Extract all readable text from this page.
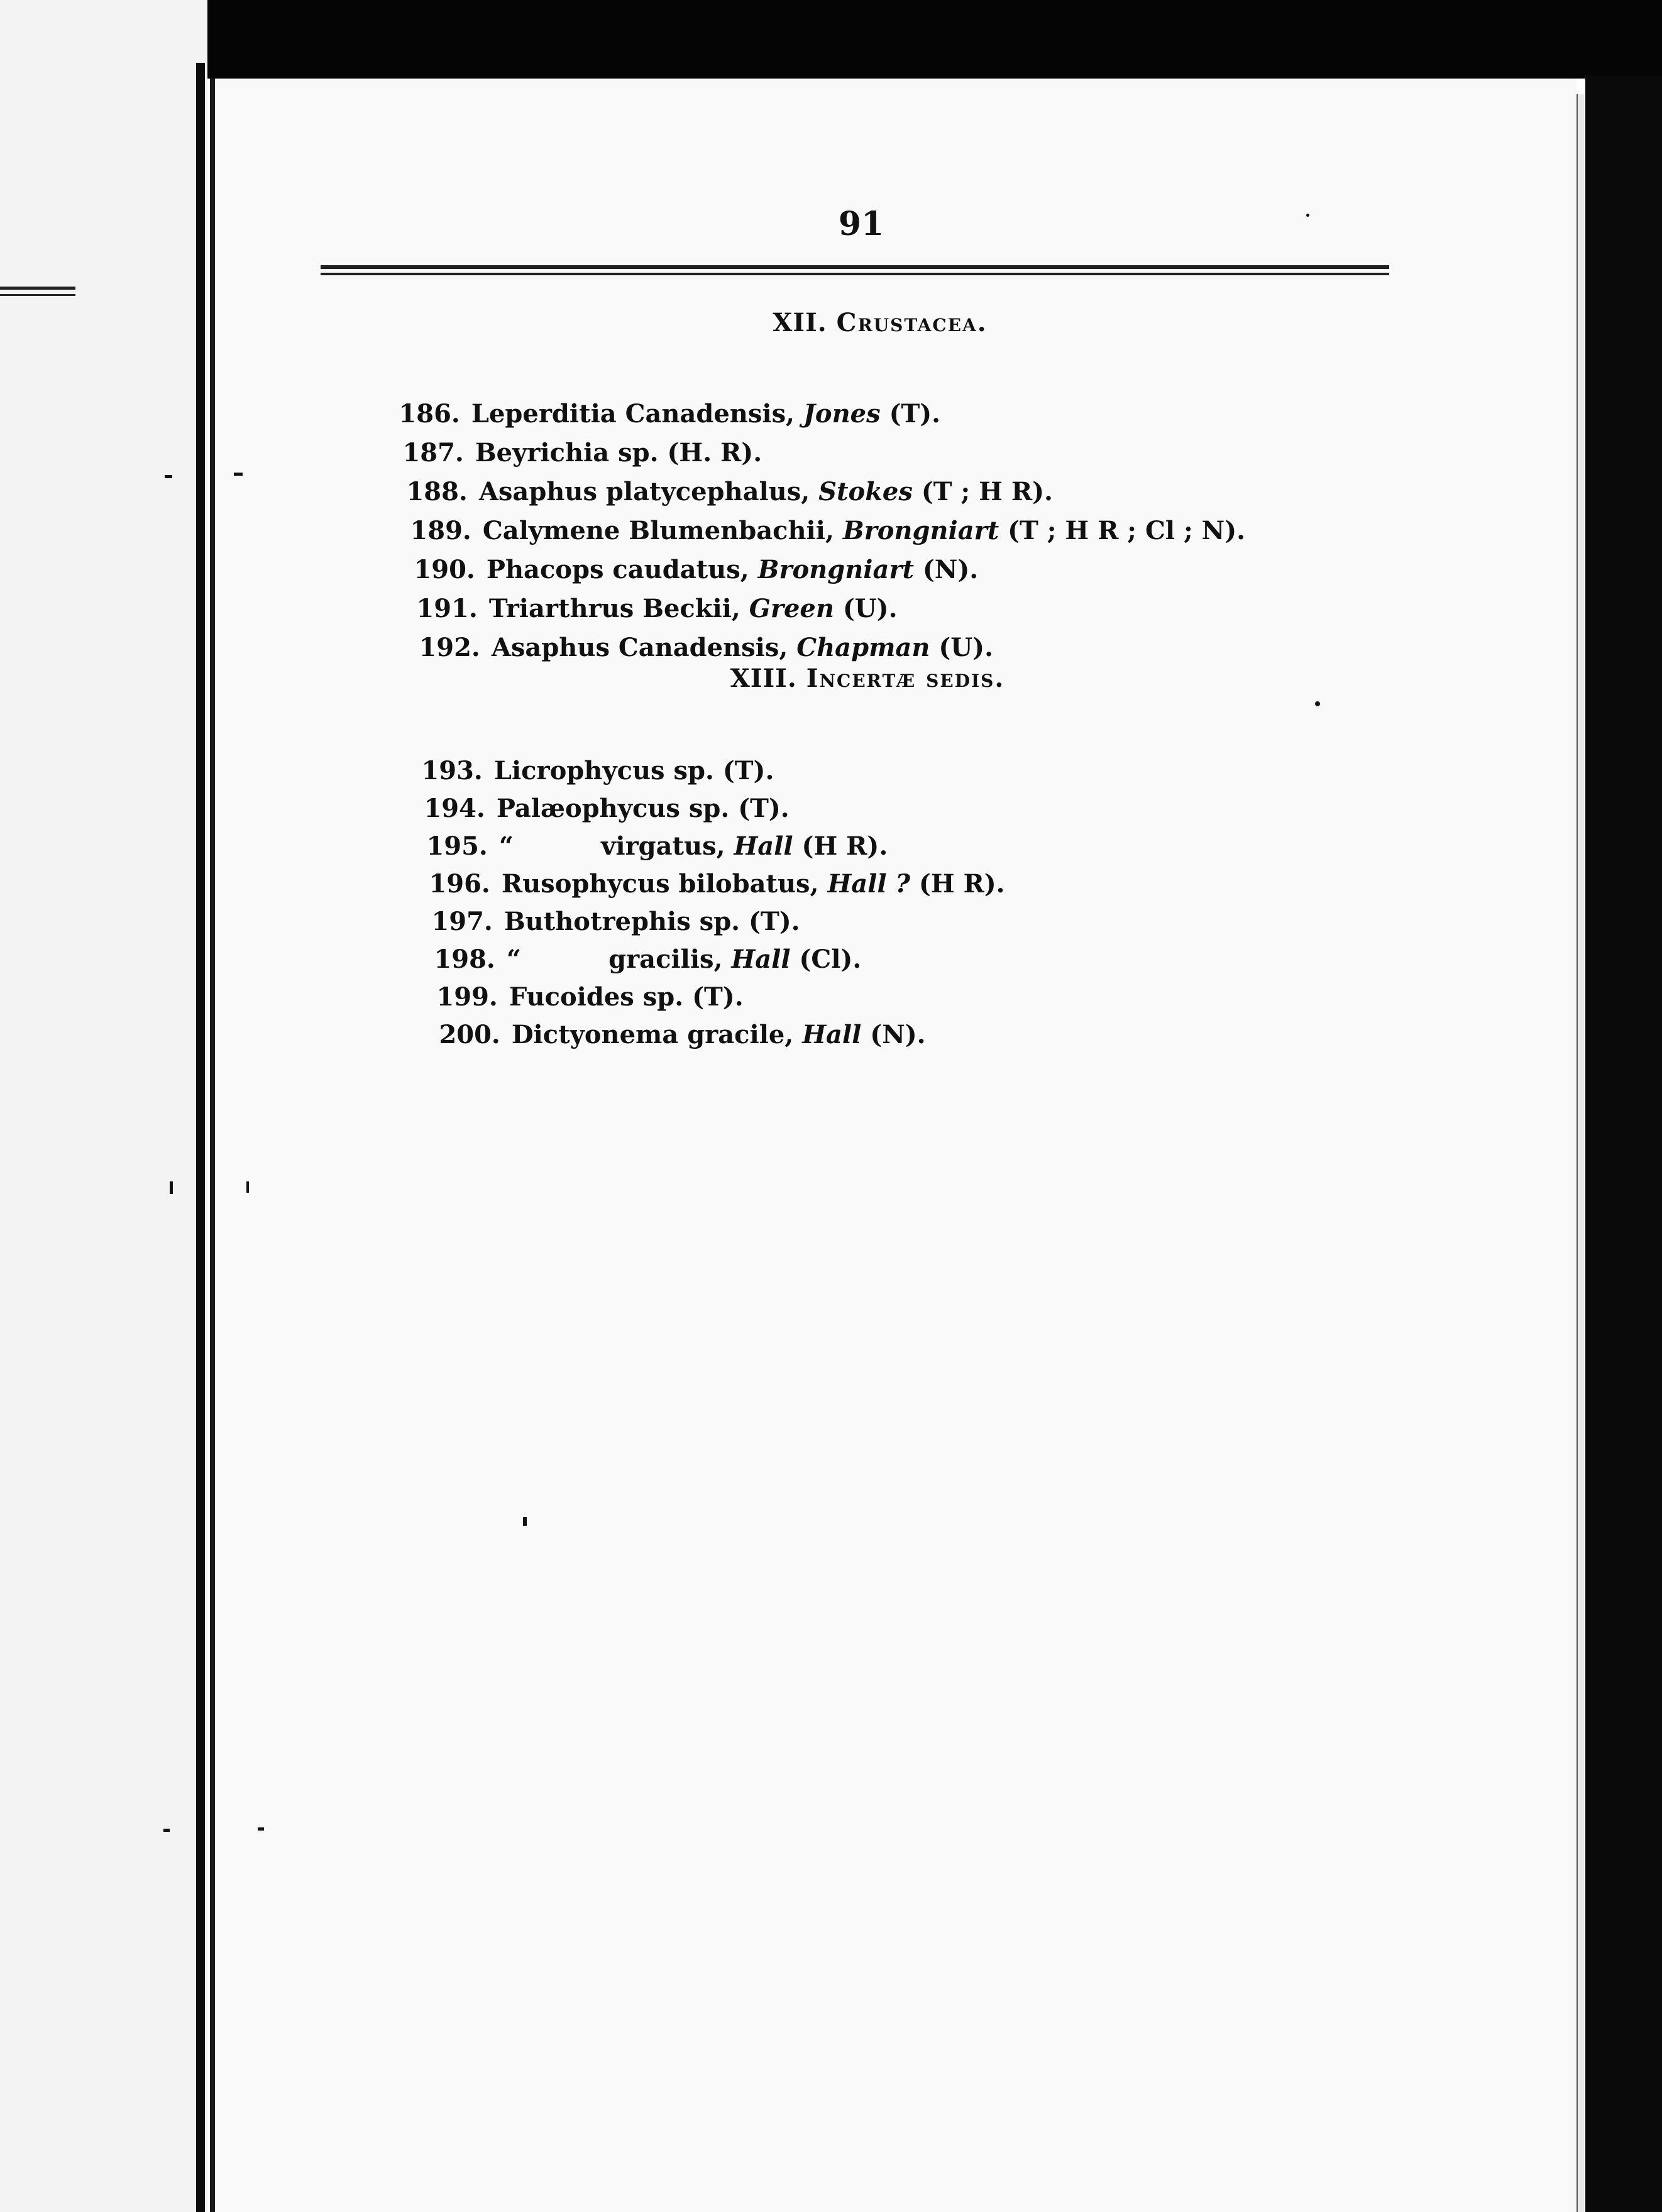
91
XII. Crustacea.

186. Leperditia Canadensis, Jones (T).

187. Beyrichia sp. (H. R).

188. Asaphus platycephalus, Stokes (T ; H R).

189. Calymene Blumenbachii, Brongniart (T ; H R ; Cl ; N).

190. Phacops caudatus, Brongniart (N).

191. Triarthrus Beckii, Green (U).

192. Asaphus Canadensis, Chapman (U).

XIII. Incertæ sedis.

193. Licrophycus sp. (T).

194. Palæophycus sp. (T).

195. “          virgatus, Hall (H R).

196. Rusophycus bilobatus, Hall ? (H R).

197. Buthotrephis sp. (T).

198. “          gracilis, Hall (Cl).

199. Fucoides sp. (T).

200. Dictyonema gracile, Hall (N).
